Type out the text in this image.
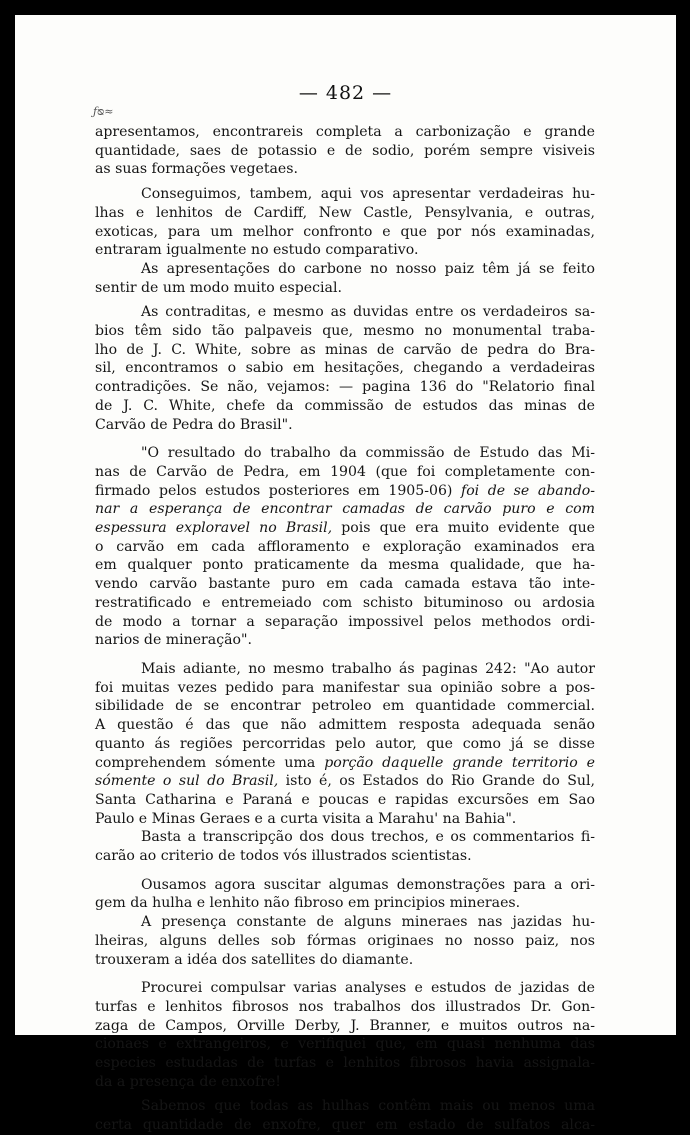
— 482 —
ƒᴓ≈

apresentamos, encontrareis completa a carbonização e grande
quantidade, saes de potassio e de sodio, porém sempre visiveis
as suas formações vegetaes.

Conseguimos, tambem, aqui vos apresentar verdadeiras hu-
lhas e lenhitos de Cardiff, New Castle, Pensylvania, e outras,
exoticas, para um melhor confronto e que por nós examinadas,
entraram igualmente no estudo comparativo.

As apresentações do carbone no nosso paiz têm já se feito
sentir de um modo muito especial.

As contraditas, e mesmo as duvidas entre os verdadeiros sa-
bios têm sido tão palpaveis que, mesmo no monumental traba-
lho de J. C. White, sobre as minas de carvão de pedra do Bra-
sil, encontramos o sabio em hesitações, chegando a verdadeiras
contradições. Se não, vejamos: — pagina 136 do "Relatorio final
de J. C. White, chefe da commissão de estudos das minas de
Carvão de Pedra do Brasil".

"O resultado do trabalho da commissão de Estudo das Mi-
nas de Carvão de Pedra, em 1904 (que foi completamente con-
firmado pelos estudos posteriores em 1905-06) foi de se abando-
nar a esperança de encontrar camadas de carvão puro e com
espessura exploravel no Brasil, pois que era muito evidente que
o carvão em cada affloramento e exploração examinados era
em qualquer ponto praticamente da mesma qualidade, que ha-
vendo carvão bastante puro em cada camada estava tão inte-
restratificado e entremeiado com schisto bituminoso ou ardosia
de modo a tornar a separação impossivel pelos methodos ordi-
narios de mineração".

Mais adiante, no mesmo trabalho ás paginas 242: "Ao autor
foi muitas vezes pedido para manifestar sua opinião sobre a pos-
sibilidade de se encontrar petroleo em quantidade commercial.
A questão é das que não admittem resposta adequada senão
quanto ás regiões percorridas pelo autor, que como já se disse
comprehendem sómente uma porção daquelle grande territorio e
sómente o sul do Brasil, isto é, os Estados do Rio Grande do Sul,
Santa Catharina e Paraná e poucas e rapidas excursões em Sao
Paulo e Minas Geraes e a curta visita a Marahu' na Bahia".

Basta a transcripção dos dous trechos, e os commentarios fi-
carão ao criterio de todos vós illustrados scientistas.

Ousamos agora suscitar algumas demonstrações para a ori-
gem da hulha e lenhito não fibroso em principios mineraes.

A presença constante de alguns mineraes nas jazidas hu-
lheiras, alguns delles sob fórmas originaes no nosso paiz, nos
trouxeram a idéa dos satellites do diamante.

Procurei compulsar varias analyses e estudos de jazidas de
turfas e lenhitos fibrosos nos trabalhos dos illustrados Dr. Gon-
zaga de Campos, Orville Derby, J. Branner, e muitos outros na-
cionaes e extrangeiros, e verifiquei que, em quasi nenhuma das
especies estudadas de turfas e lenhitos fibrosos havia assignala-
da a presença de enxofre!

Sabemos que todas as hulhas contêm mais ou menos uma
certa quantidade de enxofre, quer em estado de sulfatos alca-
